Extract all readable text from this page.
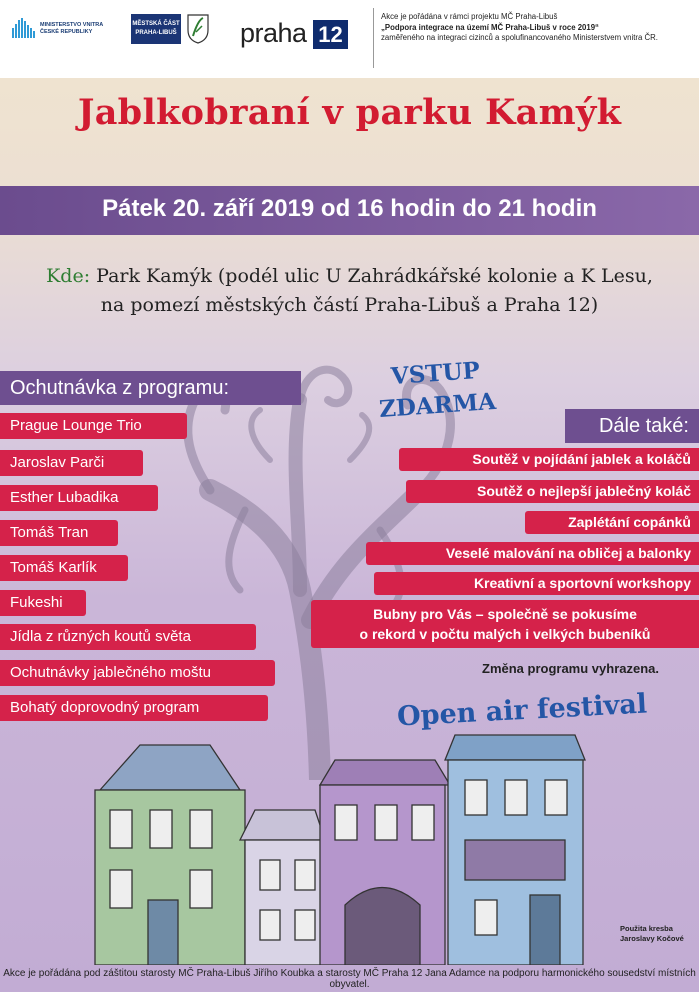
MINISTERSTVO VNITRA
ČESKÉ REPUBLIKY
MĚSTSKÁ ČÁST
PRAHA-LIBUŠ praha 12
Akce je pořádána v rámci projektu MČ Praha-Libuš
„Podpora integrace na území MČ Praha-Libuš v roce 2019“
zaměřeného na integraci cizinců a spolufinancovaného Ministerstvem vnitra ČR.
Jablkobraní v parku Kamýk
Pátek 20. září 2019 od 16 hodin do 21 hodin
Kde: Park Kamýk (podél ulic U Zahrádkářské kolonie a K Lesu,
na pomezí městských částí Praha-Libuš a Praha 12)
VSTUP
ZDARMA
Ochutnávka z programu:
Prague Lounge Trio
Jaroslav Parči
Esther Lubadika
Tomáš Tran
Tomáš Karlík
Fukeshi
Jídla z různých koutů světa
Ochutnávky jablečného moštu
Bohatý doprovodný program
Dále také:
Soutěž v pojídání jablek a koláčů
Soutěž o nejlepší jablečný koláč
Zaplétání copánků
Veselé malování na obličej a balonky
Kreativní a sportovní workshopy
Bubny pro Vás – společně se pokusíme
o rekord v počtu malých i velkých bubeníků
Změna programu vyhrazena.
Open air festival
Použita kresba
Jaroslavy Kočové
Akce je pořádána pod záštitou starosty MČ Praha-Libuš Jiřího Koubka a starosty MČ Praha 12 Jana Adamce na podporu harmonického sousedství místních obyvatel.
